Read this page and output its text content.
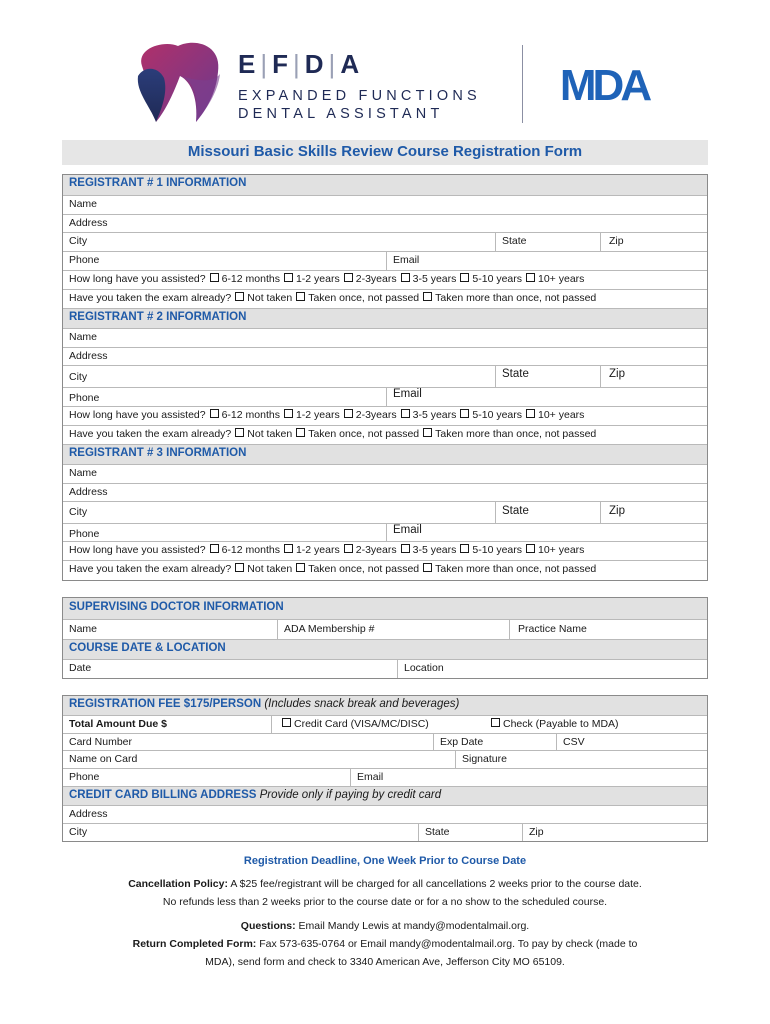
E | F | D | A
EXPANDED FUNCTIONS
DENTAL ASSISTANT
MDA
Missouri Basic Skills Review Course Registration Form
REGISTRANT # 1 INFORMATION
Name
Address
City	State	Zip
Phone	Email
How long have you assisted? 6-12 months 1-2 years 2-3years 3-5 years 5-10 years 10+ years
Have you taken the exam already? Not taken Taken once, not passed Taken more than once, not passed
REGISTRANT # 2 INFORMATION
Name
Address
City	State	Zip
Phone	Email
How long have you assisted? 6-12 months 1-2 years 2-3years 3-5 years 5-10 years 10+ years
Have you taken the exam already? Not taken Taken once, not passed Taken more than once, not passed
REGISTRANT # 3 INFORMATION
Name
Address
City	State	Zip
Phone	Email
How long have you assisted? 6-12 months 1-2 years 2-3years 3-5 years 5-10 years 10+ years
Have you taken the exam already? Not taken Taken once, not passed Taken more than once, not passed
SUPERVISING DOCTOR INFORMATION
Name	ADA Membership #	Practice Name
COURSE DATE & LOCATION
Date	Location
REGISTRATION FEE $175/PERSON (Includes snack break and beverages)
Total Amount Due $	Credit Card (VISA/MC/DISC)	Check (Payable to MDA)
Card Number	Exp Date	CSV
Name on Card	Signature
Phone	Email
CREDIT CARD BILLING ADDRESS Provide only if paying by credit card
Address
City	State	Zip
Registration Deadline, One Week Prior to Course Date
Cancellation Policy: A $25 fee/registrant will be charged for all cancellations 2 weeks prior to the course date.
No refunds less than 2 weeks prior to the course date or for a no show to the scheduled course.
Questions: Email Mandy Lewis at mandy@modentalmail.org.
Return Completed Form: Fax 573-635-0764 or Email mandy@modentalmail.org. To pay by check (made to
MDA), send form and check to 3340 American Ave, Jefferson City MO 65109.
